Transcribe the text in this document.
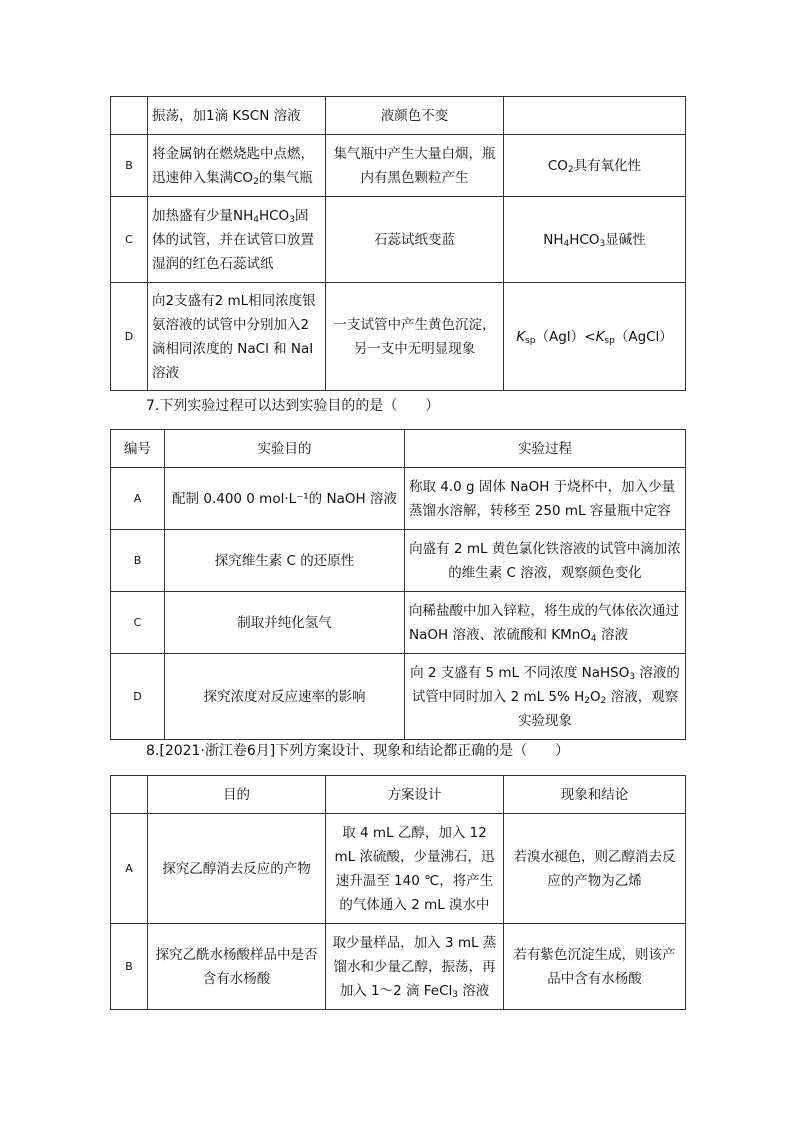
	振荡，加1滴 KSCN 溶液	液颜色不变	
B	将金属钠在燃烧匙中点燃，迅速伸入集满$CO_2$的集气瓶	集气瓶中产生大量白烟，瓶内有黑色颗粒产生	$CO_2$具有氧化性
C	加热盛有少量$NH_4HCO_3$固体的试管，并在试管口放置湿润的红色石蕊试纸	石蕊试纸变蓝	$NH_4HCO_3$显碱性
D	向2支盛有2 mL相同浓度银氨溶液的试管中分别加入2滴相同浓度的 NaCl 和 NaI 溶液	一支试管中产生黄色沉淀，另一支中无明显现象	$K_{sp}(AgI)<K_{sp}(AgCl)$
7.下列实验过程可以达到实验目的的是（　　）
编号	实验目的	实验过程
A	配制 0.400 0 mol·L⁻¹的 NaOH 溶液	称取 4.0 g 固体 NaOH 于烧杯中，加入少量蒸馏水溶解，转移至 250 mL 容量瓶中定容
B	探究维生素 C 的还原性	向盛有 2 mL 黄色氯化铁溶液的试管中滴加浓的维生素 C 溶液，观察颜色变化
C	制取并纯化氢气	向稀盐酸中加入锌粒，将生成的气体依次通过 NaOH 溶液、浓硫酸和 KMnO$_4$ 溶液
D	探究浓度对反应速率的影响	向 2 支盛有 5 mL 不同浓度 NaHSO$_3$ 溶液的试管中同时加入 2 mL 5% $H_2O_2$ 溶液，观察实验现象
8.[2021·浙江卷6月]下列方案设计、现象和结论都正确的是（　　）
	目的	方案设计	现象和结论
A	探究乙醇消去反应的产物	取 4 mL 乙醇，加入 12 mL 浓硫酸，少量沸石，迅速升温至 140 ℃，将产生的气体通入 2 mL 溴水中	若溴水褪色，则乙醇消去反应的产物为乙烯
B	探究乙酰水杨酸样品中是否含有水杨酸	取少量样品，加入 3 mL 蒸馏水和少量乙醇，振荡，再加入 1～2 滴 FeCl$_3$ 溶液	若有紫色沉淀生成，则该产品中含有水杨酸
